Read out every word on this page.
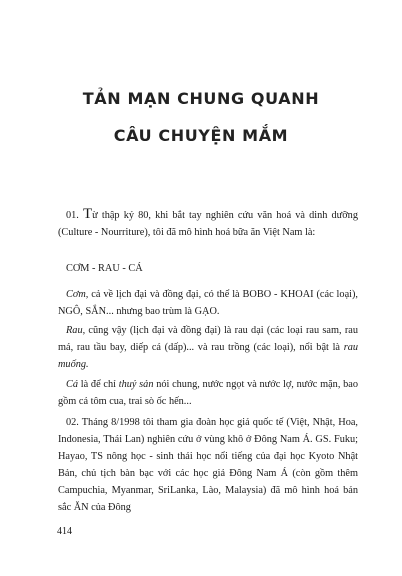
TẢN MẠN CHUNG QUANH
CÂU CHUYỆN MẮM

01. Từ thập kỷ 80, khi bắt tay nghiên cứu văn hoá và dinh dưỡng (Culture - Nourriture), tôi đã mô hình hoá bữa ăn Việt Nam là:

CƠM - RAU - CÁ

Cơm, cả về lịch đại và đồng đại, có thể là BOBO - KHOAI (các loại), NGÔ, SẮN... nhưng bao trùm là GẠO.

Rau, cũng vậy (lịch đại và đồng đại) là rau dại (các loại rau sam, rau má, rau tầu bay, diếp cá (dấp)... và rau trồng (các loại), nổi bật là rau muống.

Cá là để chỉ thuỷ sản nói chung, nước ngọt và nước lợ, nước mặn, bao gồm cả tôm cua, trai sò ốc hến...

02. Tháng 8/1998 tôi tham gia đoàn học giả quốc tế (Việt, Nhật, Hoa, Indonesia, Thái Lan) nghiên cứu ở vùng khô ở Đông Nam Á. GS. Fuku; Hayao, TS nông học - sinh thái học nổi tiếng của đại học Kyoto Nhật Bản, chủ tịch bàn bạc với các học giả Đông Nam Á (còn gồm thêm Campuchia, Myanmar, SriLanka, Lào, Malaysia) đã mô hình hoá bản sắc ĂN của Đông

414
